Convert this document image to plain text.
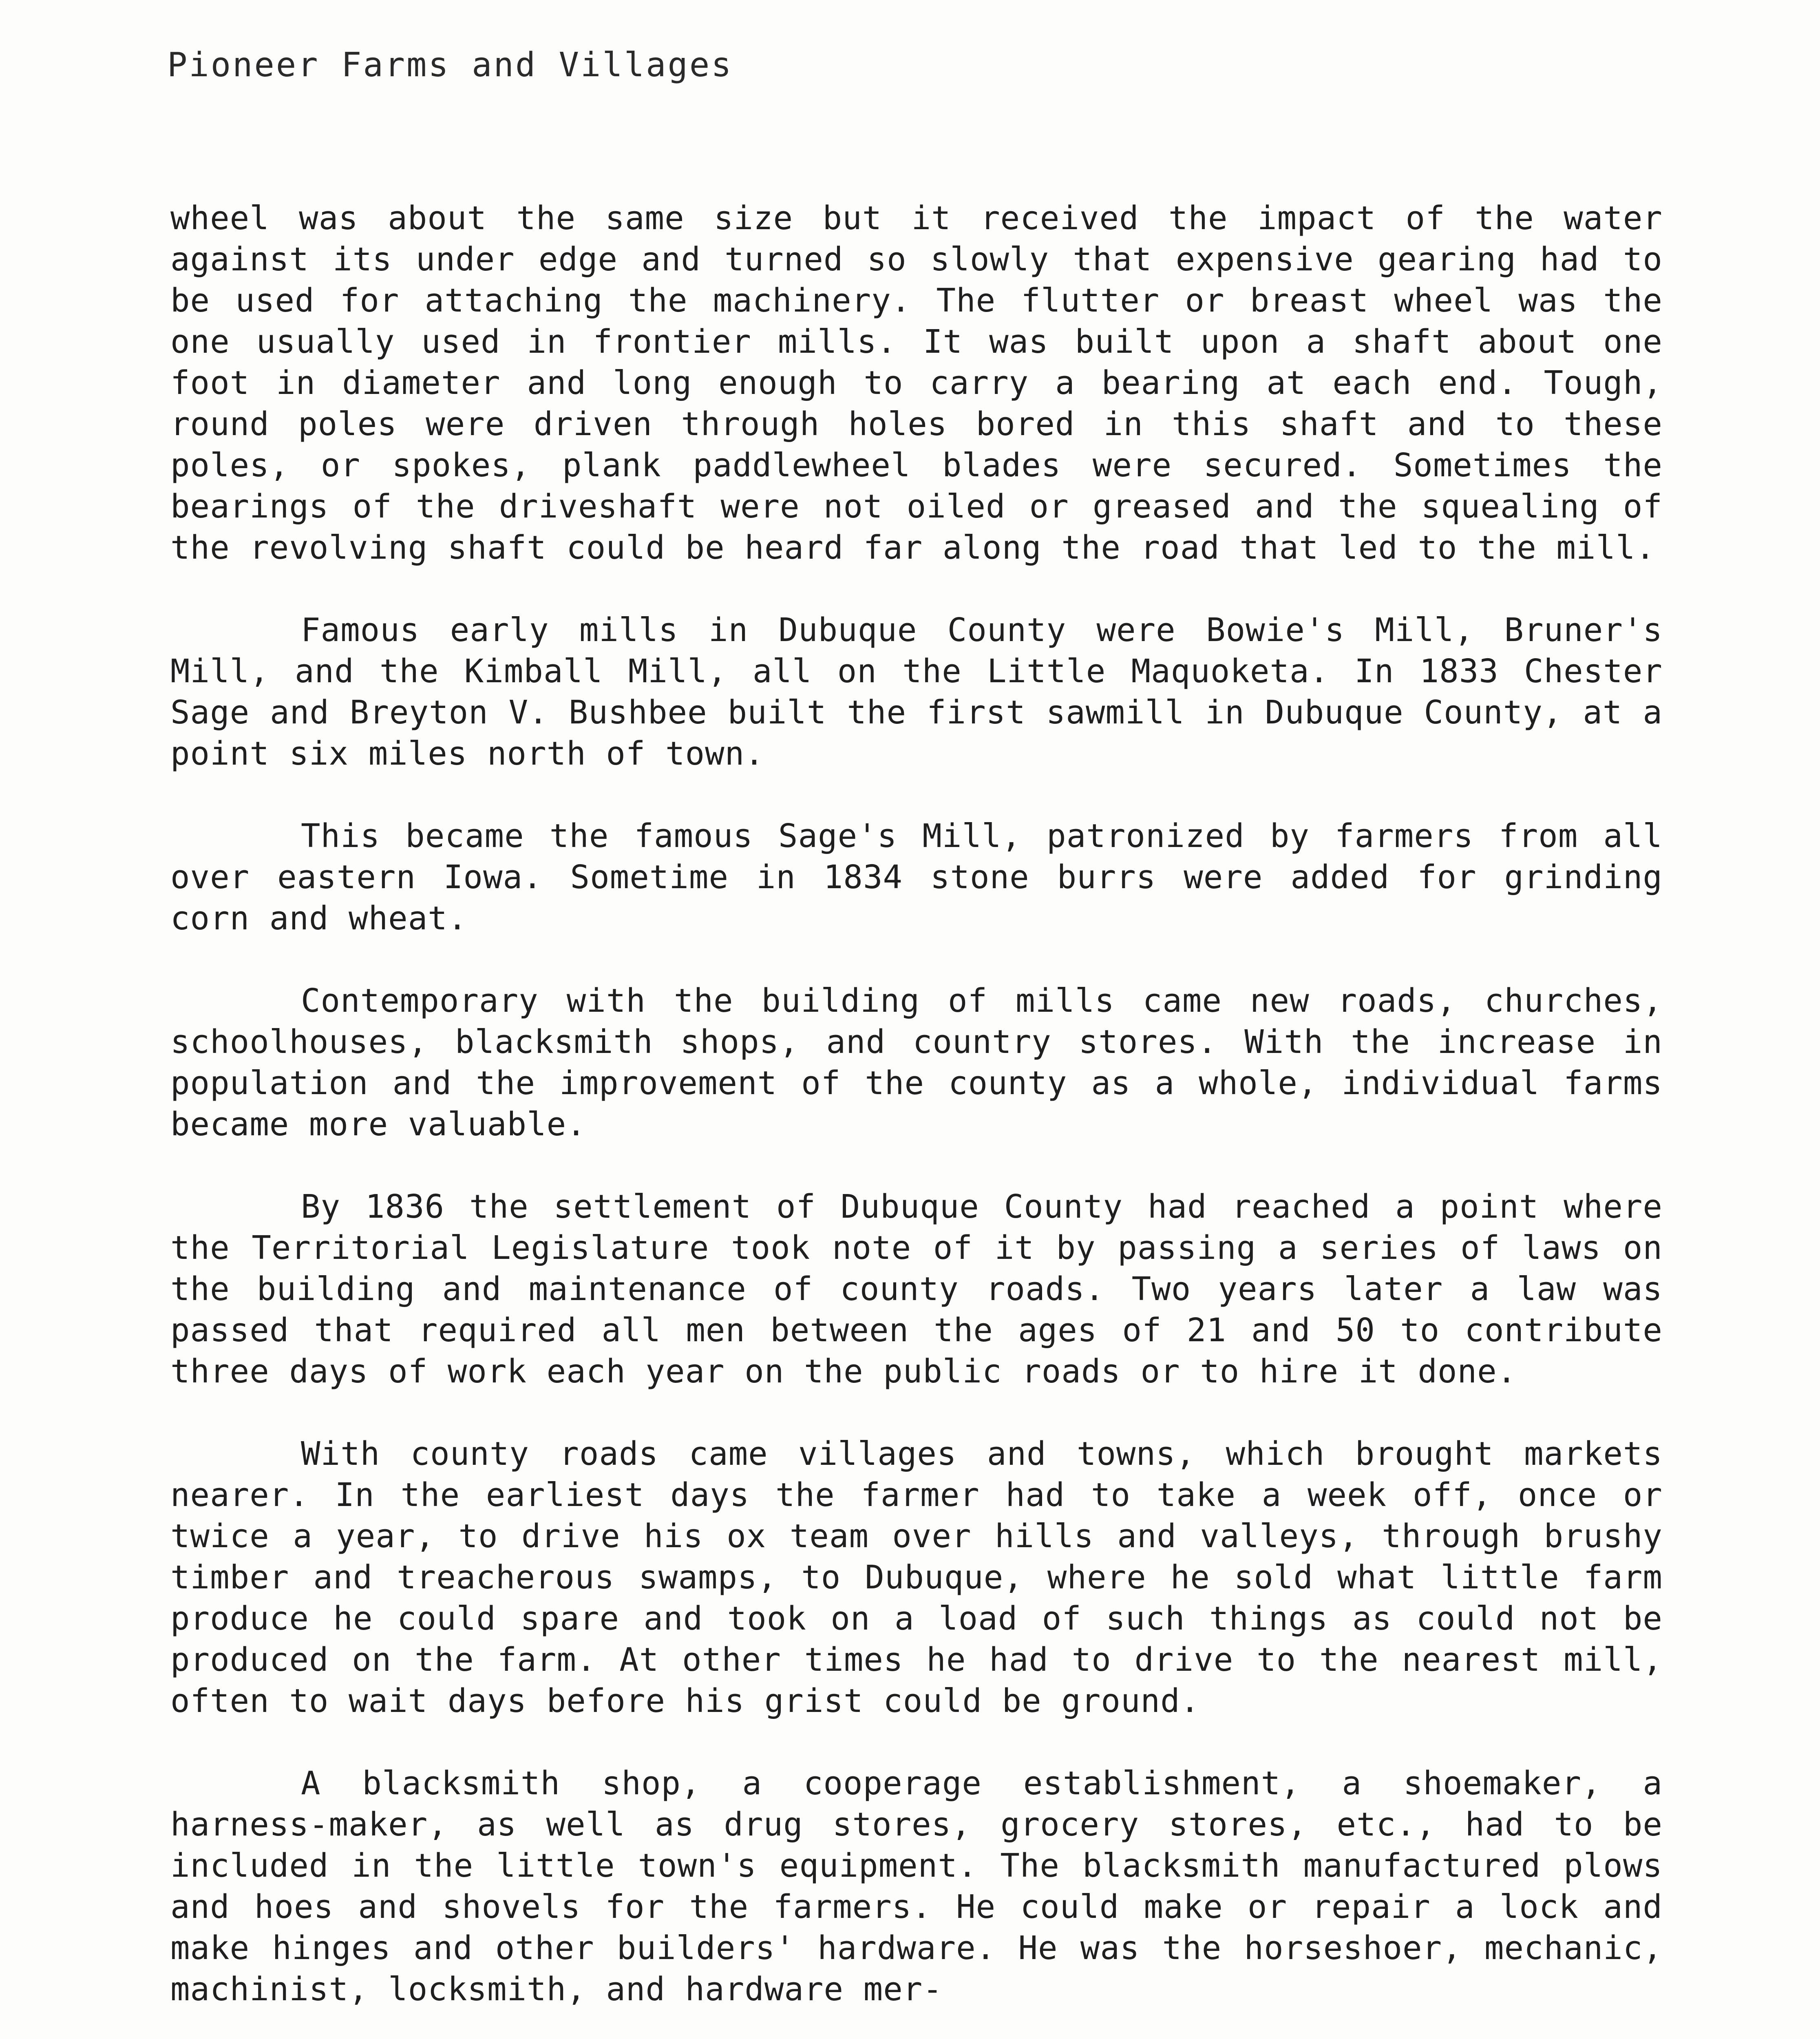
Pioneer Farms and Villages

wheel was about the same size but it received the impact of the water against its under edge and turned so slowly that expensive gearing had to be used for attaching the machinery. The flutter or breast wheel was the one usually used in frontier mills. It was built upon a shaft about one foot in diameter and long enough to carry a bearing at each end. Tough, round poles were driven through holes bored in this shaft and to these poles, or spokes, plank paddlewheel blades were secured. Sometimes the bearings of the driveshaft were not oiled or greased and the squealing of the revolving shaft could be heard far along the road that led to the mill.

Famous early mills in Dubuque County were Bowie's Mill, Bruner's Mill, and the Kimball Mill, all on the Little Maquoketa. In 1833 Chester Sage and Breyton V. Bushbee built the first sawmill in Dubuque County, at a point six miles north of town.

This became the famous Sage's Mill, patronized by farmers from all over eastern Iowa. Sometime in 1834 stone burrs were added for grinding corn and wheat.

Contemporary with the building of mills came new roads, churches, schoolhouses, blacksmith shops, and country stores. With the increase in population and the improvement of the county as a whole, individual farms became more valuable.

By 1836 the settlement of Dubuque County had reached a point where the Territorial Legislature took note of it by passing a series of laws on the building and maintenance of county roads. Two years later a law was passed that required all men between the ages of 21 and 50 to contribute three days of work each year on the public roads or to hire it done.

With county roads came villages and towns, which brought markets nearer. In the earliest days the farmer had to take a week off, once or twice a year, to drive his ox team over hills and valleys, through brushy timber and treacherous swamps, to Dubuque, where he sold what little farm produce he could spare and took on a load of such things as could not be produced on the farm. At other times he had to drive to the nearest mill, often to wait days before his grist could be ground.

A blacksmith shop, a cooperage establishment, a shoemaker, a harness-maker, as well as drug stores, grocery stores, etc., had to be included in the little town's equipment. The blacksmith manufactured plows and hoes and shovels for the farmers. He could make or repair a lock and make hinges and other builders' hardware. He was the horseshoer, mechanic, machinist, locksmith, and hardware mer-
